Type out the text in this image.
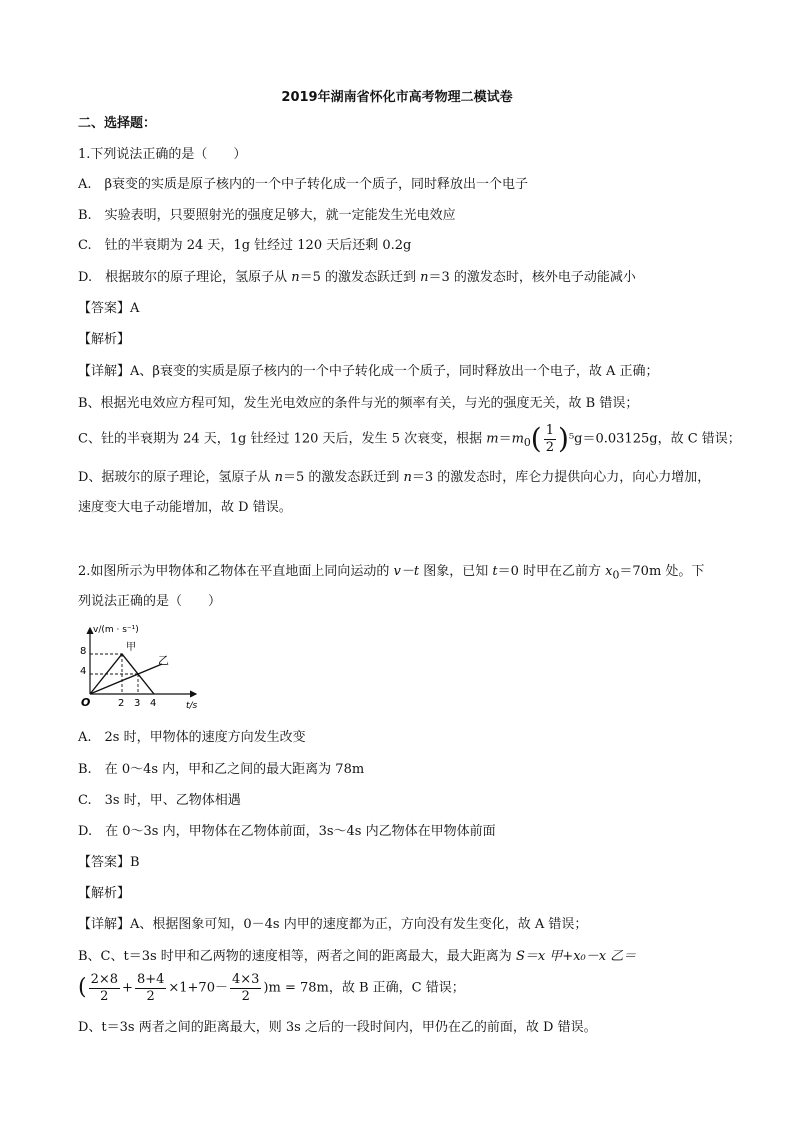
2019年湖南省怀化市高考物理二模试卷
二、选择题：
1.下列说法正确的是（　　）
A.　β衰变的实质是原子核内的一个中子转化成一个质子，同时释放出一个电子
B.　实验表明，只要照射光的强度足够大，就一定能发生光电效应
C.　钍的半衰期为 24 天，1g 钍经过 120 天后还剩 0.2g
D.　根据玻尔的原子理论，氢原子从 n＝5 的激发态跃迁到 n＝3 的激发态时，核外电子动能减小
【答案】A
【解析】
【详解】A、β衰变的实质是原子核内的一个中子转化成一个质子，同时释放出一个电子，故 A 正确；
B、根据光电效应方程可知，发生光电效应的条件与光的频率有关，与光的强度无关，故 B 错误；
C、钍的半衰期为 24 天，1g 钍经过 120 天后，发生 5 次衰变，根据 $m=m_0( \frac{1}{2} )^5g=0.03125g$，故 C 错误；
D、据玻尔的原子理论，氢原子从 n＝5 的激发态跃迁到 n＝3 的激发态时，库仑力提供向心力，向心力增加，
速度变大电子动能增加，故 D 错误。
2.如图所示为甲物体和乙物体在平直地面上同向运动的 v－t 图象，已知 t＝0 时甲在乙前方 $x_0=70m$ 处。下
列说法正确的是（　　）
v/(m · s⁻¹)
t/s
O
8
4
2 3 4
甲
乙
A.　2s 时，甲物体的速度方向发生改变
B.　在 0～4s 内，甲和乙之间的最大距离为 78m
C.　3s 时，甲、乙物体相遇
D.　在 0～3s 内，甲物体在乙物体前面，3s～4s 内乙物体在甲物体前面
【答案】B
【解析】
【详解】A、根据图象可知，0－4s 内甲的速度都为正，方向没有发生变化，故 A 错误；
B、C、t＝3s 时甲和乙两物的速度相等，两者之间的距离最大，最大距离为 S＝x 甲+x₀－x 乙＝
( $\frac{2\times 8}{2} + \frac{8+4}{2} \times 1+70- \frac{4\times 3}{2} )m = 78m$，故 B 正确，C 错误；
D、t＝3s 两者之间的距离最大，则 3s 之后的一段时间内，甲仍在乙的前面，故 D 错误。
